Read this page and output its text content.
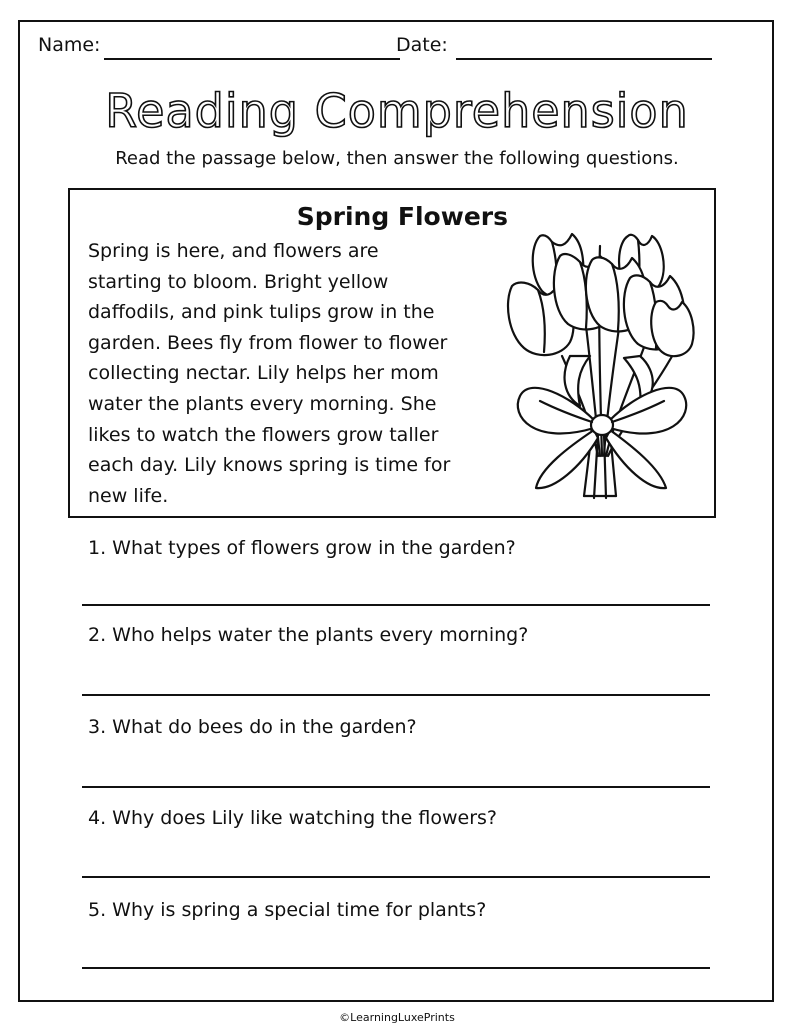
Name:	Date:
Reading Comprehension
Read the passage below, then answer the following questions.
Spring Flowers
Spring is here, and flowers are
starting to bloom. Bright yellow
daffodils, and pink tulips grow in the
garden. Bees fly from flower to flower
collecting nectar. Lily helps her mom
water the plants every morning. She
likes to watch the flowers grow taller
each day. Lily knows spring is time for
new life.
1. What types of flowers grow in the garden?
2. Who helps water the plants every morning?
3. What do bees do in the garden?
4. Why does Lily like watching the flowers?
5. Why is spring a special time for plants?
©LearningLuxePrints
